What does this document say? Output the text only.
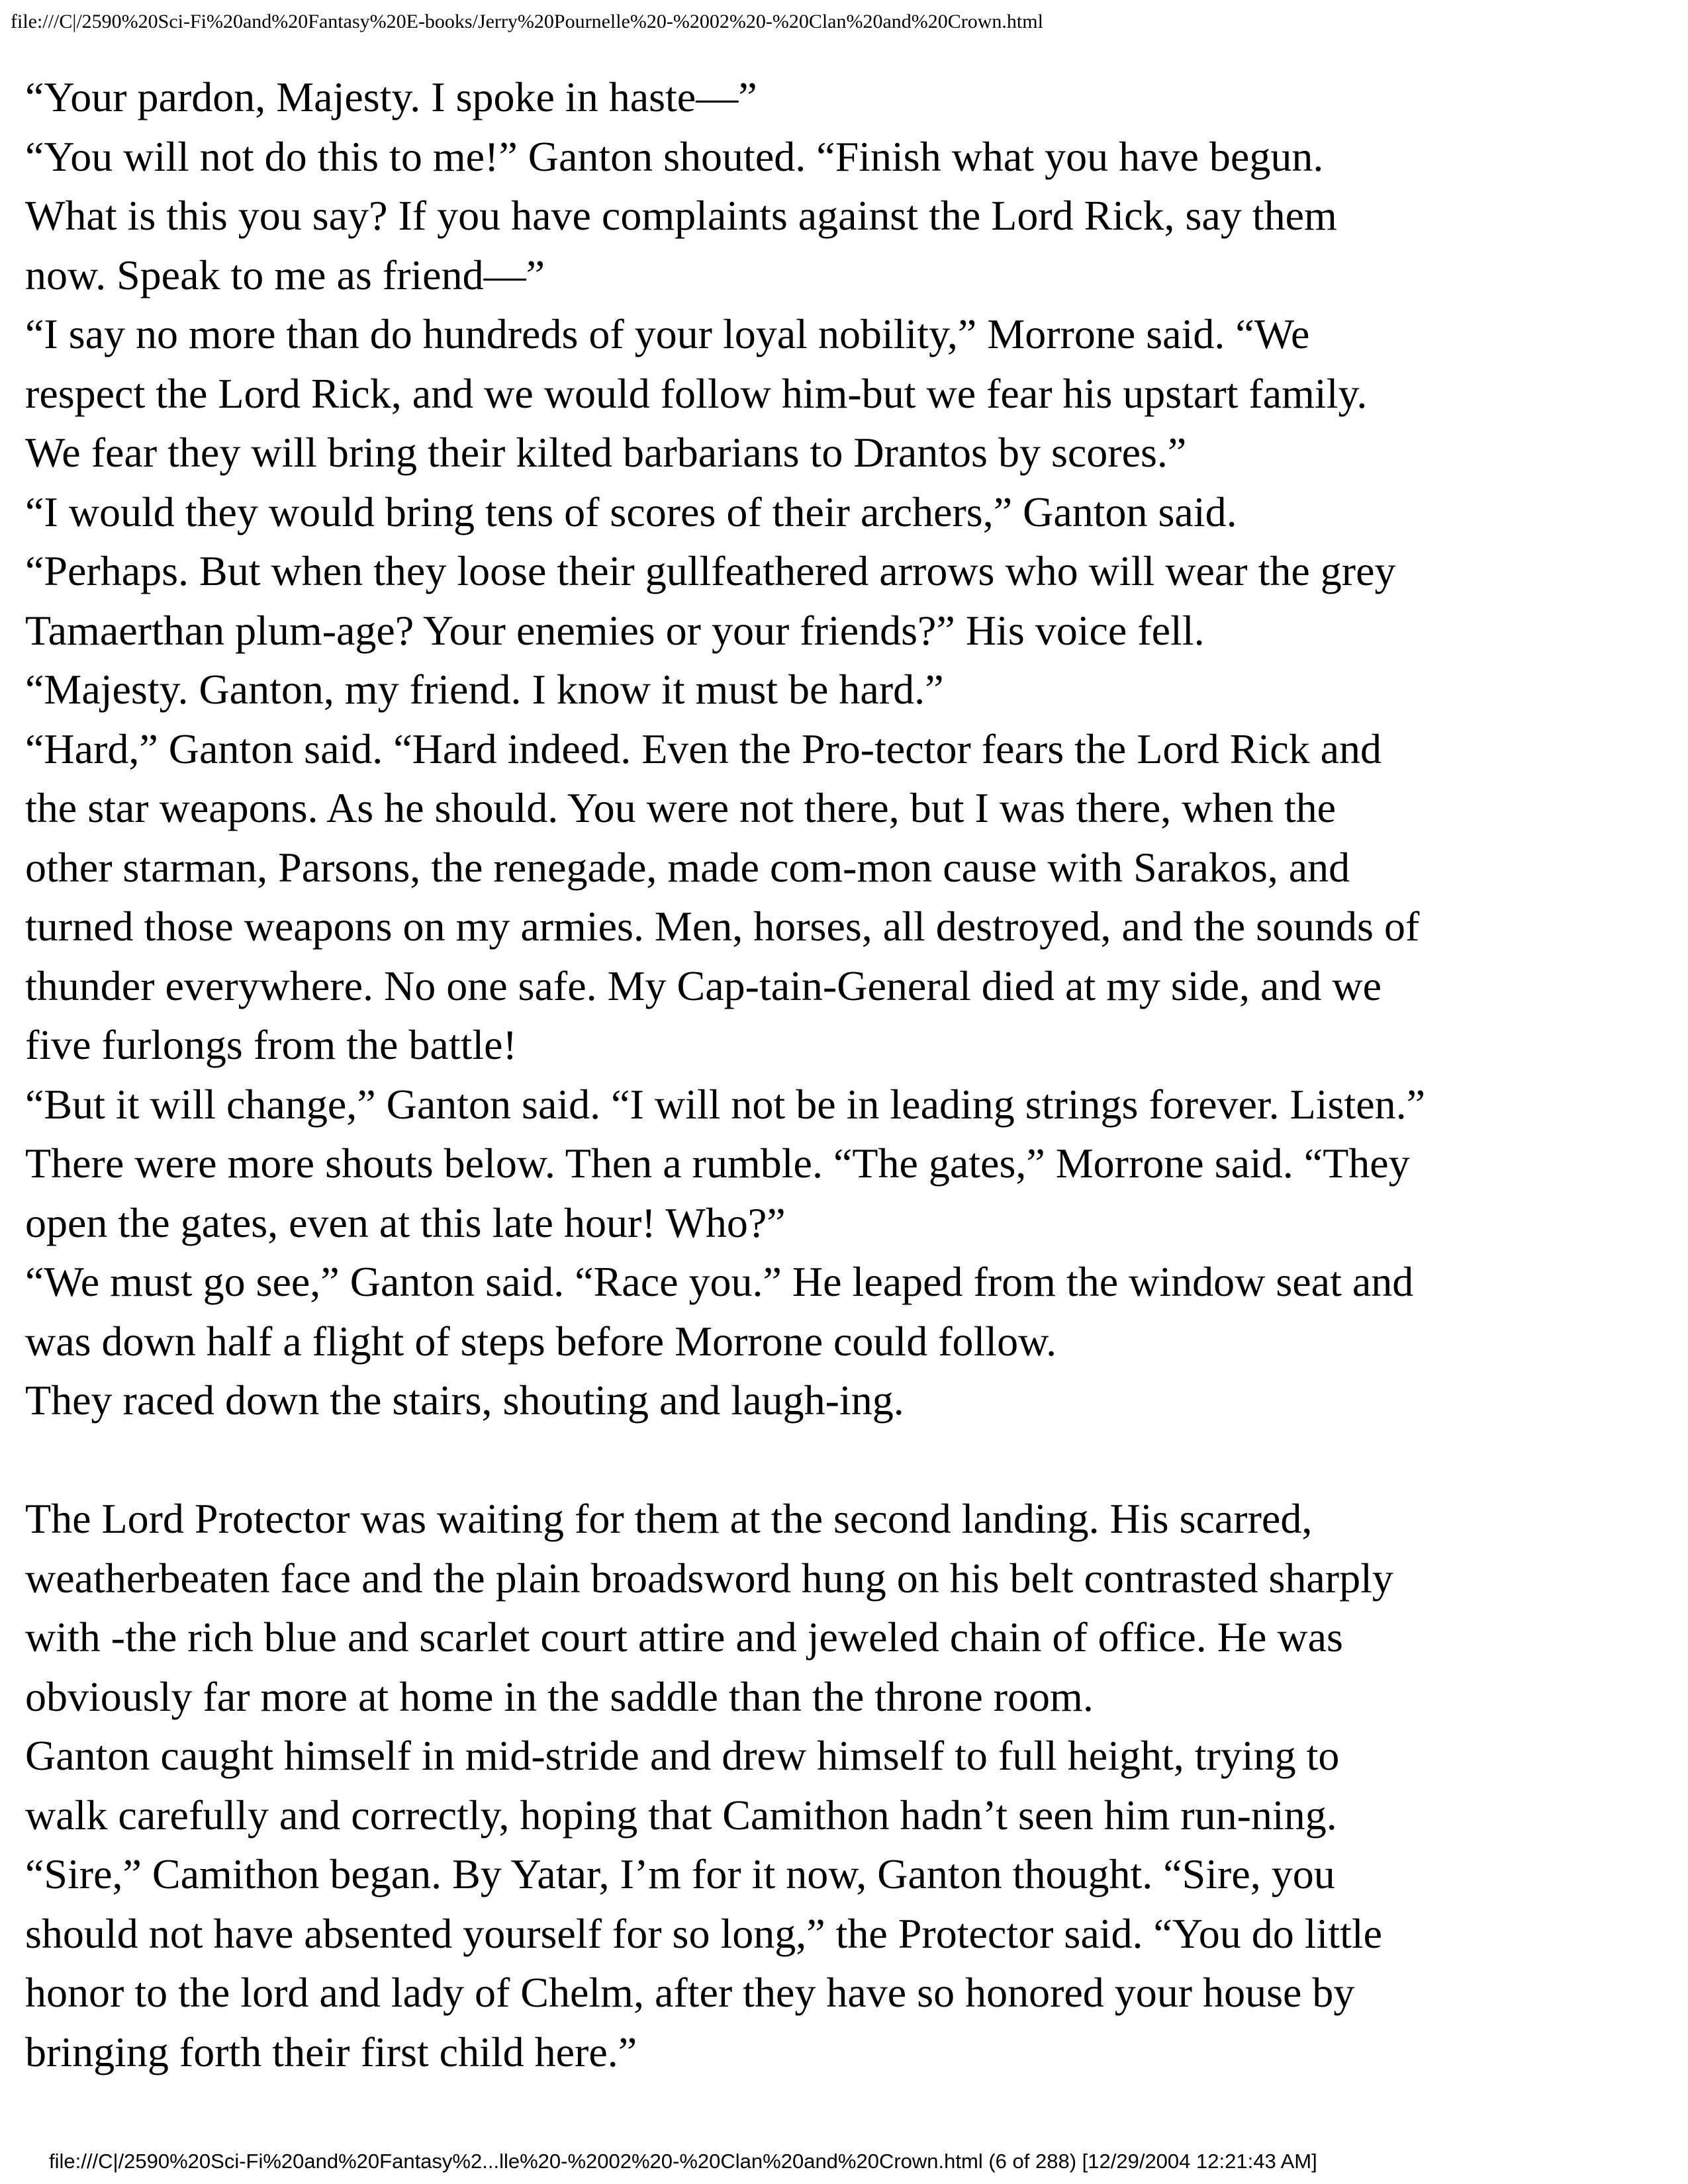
file:///C|/2590%20Sci-Fi%20and%20Fantasy%20E-books/Jerry%20Pournelle%20-%2002%20-%20Clan%20and%20Crown.html
“Your pardon, Majesty. I spoke in haste—”
“You will not do this to me!” Ganton shouted. “Finish what you have begun.
What is this you say? If you have complaints against the Lord Rick, say them
now. Speak to me as friend—”
“I say no more than do hundreds of your loyal nobility,” Morrone said. “We
respect the Lord Rick, and we would follow him-but we fear his upstart family.
We fear they will bring their kilted barbarians to Drantos by scores.”
“I would they would bring tens of scores of their archers,” Ganton said.
“Perhaps. But when they loose their gullfeathered arrows who will wear the grey
Tamaerthan plum-age? Your enemies or your friends?” His voice fell.
“Majesty. Ganton, my friend. I know it must be hard.”
“Hard,” Ganton said. “Hard indeed. Even the Pro-tector fears the Lord Rick and
the star weapons. As he should. You were not there, but I was there, when the
other starman, Parsons, the renegade, made com-mon cause with Sarakos, and
turned those weapons on my armies. Men, horses, all destroyed, and the sounds of
thunder everywhere. No one safe. My Cap-tain-General died at my side, and we
five furlongs from the battle!
“But it will change,” Ganton said. “I will not be in leading strings forever. Listen.”
There were more shouts below. Then a rumble. “The gates,” Morrone said. “They
open the gates, even at this late hour! Who?”
“We must go see,” Ganton said. “Race you.” He leaped from the window seat and
was down half a flight of steps before Morrone could follow.
They raced down the stairs, shouting and laugh-ing.
The Lord Protector was waiting for them at the second landing. His scarred,
weatherbeaten face and the plain broadsword hung on his belt contrasted sharply
with -the rich blue and scarlet court attire and jeweled chain of office. He was
obviously far more at home in the saddle than the throne room.
Ganton caught himself in mid-stride and drew himself to full height, trying to
walk carefully and correctly, hoping that Camithon hadn’t seen him run-ning.
“Sire,” Camithon began. By Yatar, I’m for it now, Ganton thought. “Sire, you
should not have absented yourself for so long,” the Protector said. “You do little
honor to the lord and lady of Chelm, after they have so honored your house by
bringing forth their first child here.”
file:///C|/2590%20Sci-Fi%20and%20Fantasy%2...lle%20-%2002%20-%20Clan%20and%20Crown.html (6 of 288) [12/29/2004 12:21:43 AM]
